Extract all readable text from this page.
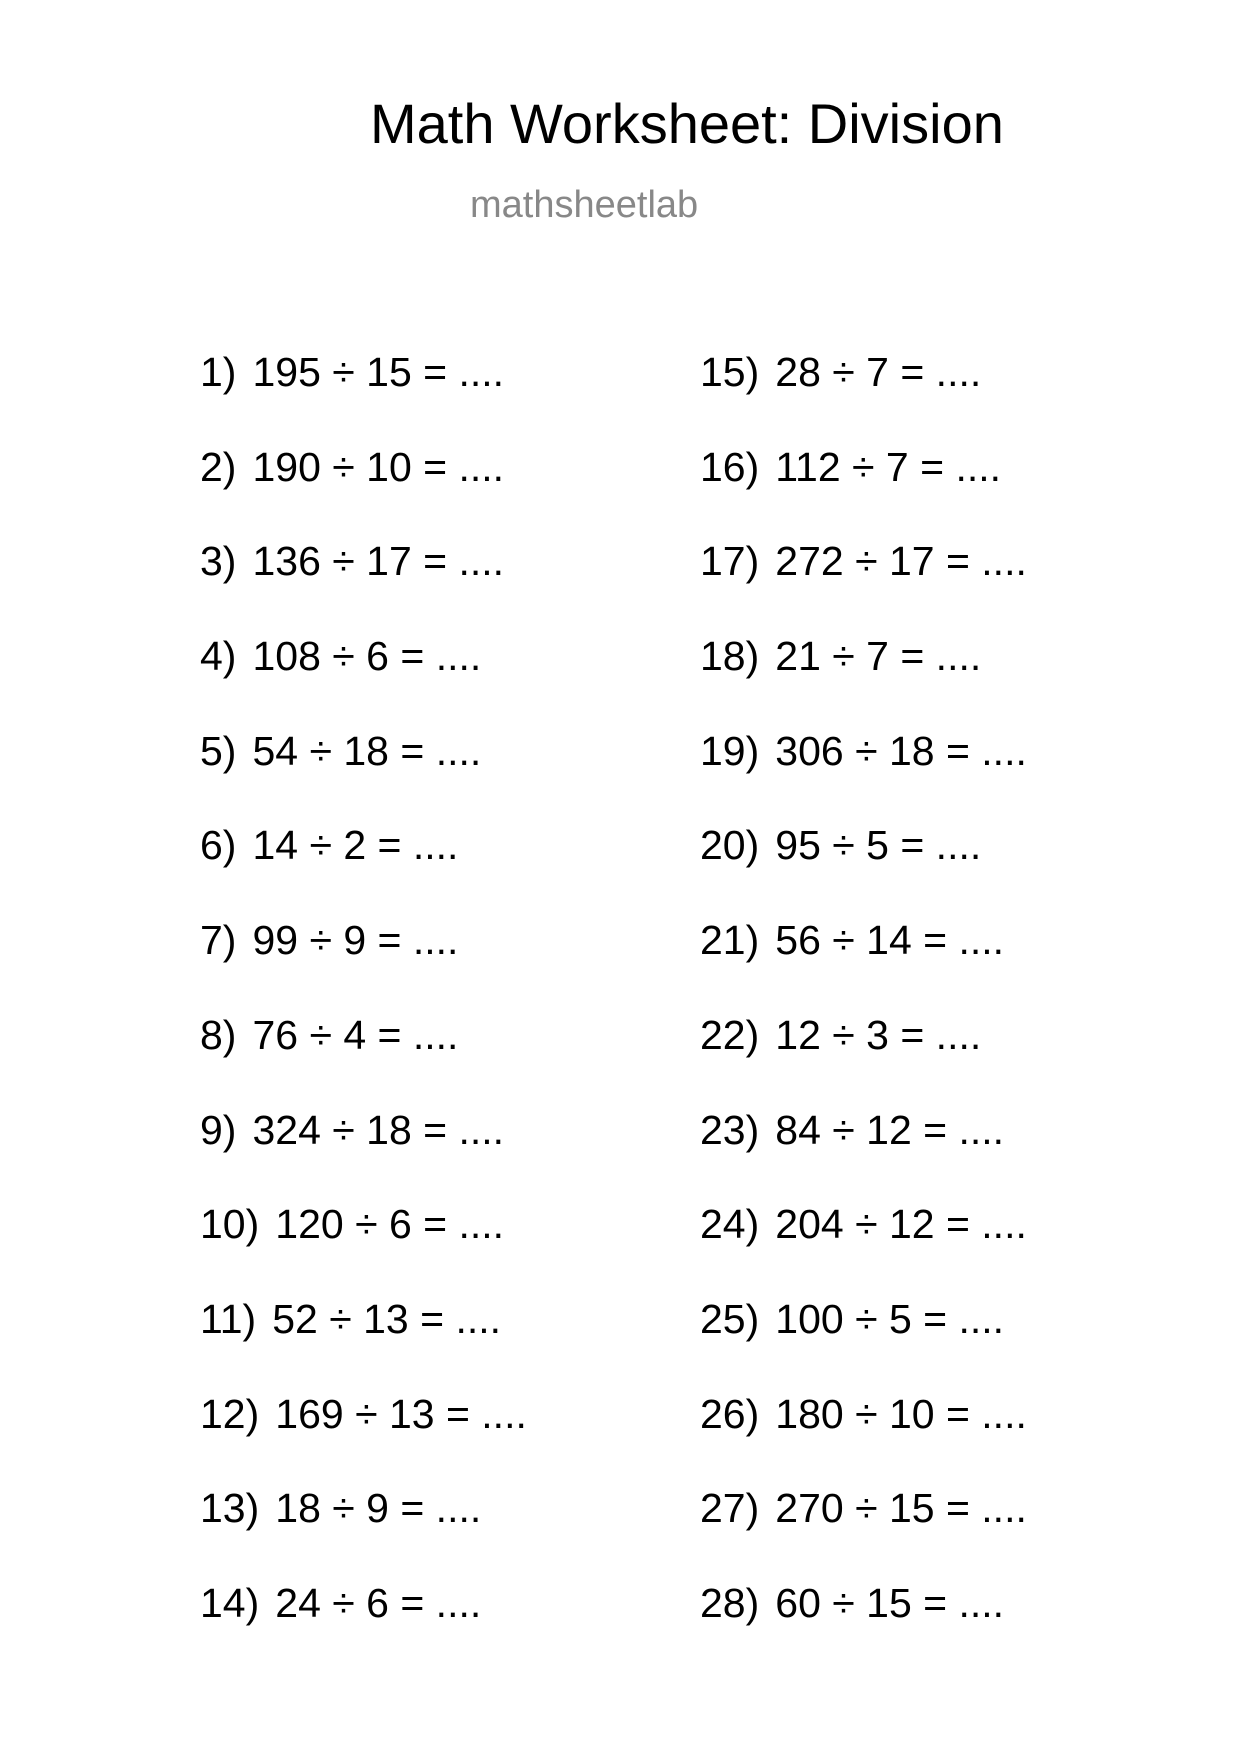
Math Worksheet: Division
mathsheetlab
1) 195 ÷ 15 = ....
2) 190 ÷ 10 = ....
3) 136 ÷ 17 = ....
4) 108 ÷ 6 = ....
5) 54 ÷ 18 = ....
6) 14 ÷ 2 = ....
7) 99 ÷ 9 = ....
8) 76 ÷ 4 = ....
9) 324 ÷ 18 = ....
10) 120 ÷ 6 = ....
11) 52 ÷ 13 = ....
12) 169 ÷ 13 = ....
13) 18 ÷ 9 = ....
14) 24 ÷ 6 = ....
15) 28 ÷ 7 = ....
16) 112 ÷ 7 = ....
17) 272 ÷ 17 = ....
18) 21 ÷ 7 = ....
19) 306 ÷ 18 = ....
20) 95 ÷ 5 = ....
21) 56 ÷ 14 = ....
22) 12 ÷ 3 = ....
23) 84 ÷ 12 = ....
24) 204 ÷ 12 = ....
25) 100 ÷ 5 = ....
26) 180 ÷ 10 = ....
27) 270 ÷ 15 = ....
28) 60 ÷ 15 = ....
